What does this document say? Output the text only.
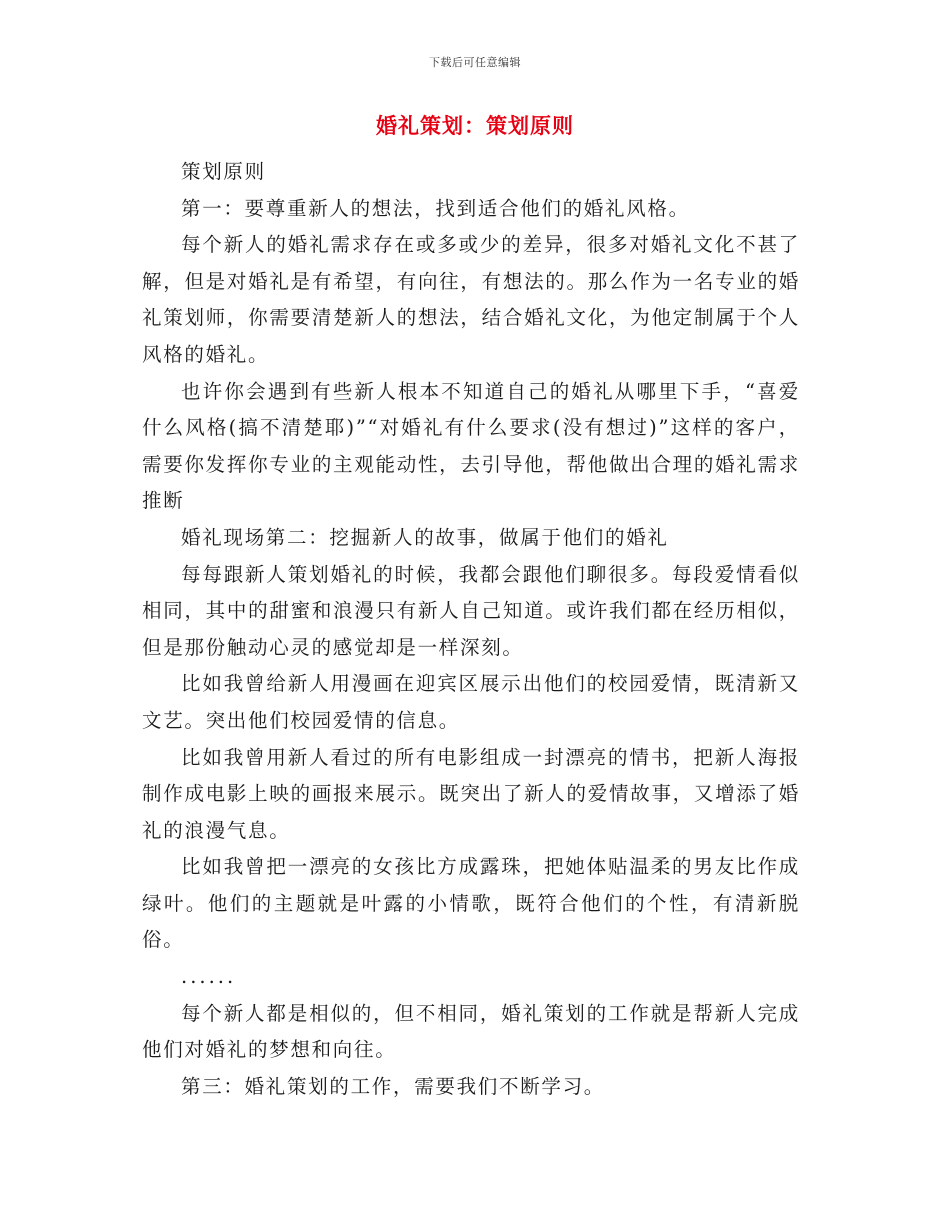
下载后可任意编辑
婚礼策划：策划原则

策划原则

第一：要尊重新人的想法，找到适合他们的婚礼风格。

每个新人的婚礼需求存在或多或少的差异，很多对婚礼文化不甚了解，但是对婚礼是有希望，有向往，有想法的。那么作为一名专业的婚礼策划师，你需要清楚新人的想法，结合婚礼文化，为他定制属于个人风格的婚礼。

也许你会遇到有些新人根本不知道自己的婚礼从哪里下手，“喜爱什么风格(搞不清楚耶)”“对婚礼有什么要求(没有想过)”这样的客户，需要你发挥你专业的主观能动性，去引导他，帮他做出合理的婚礼需求推断

婚礼现场第二：挖掘新人的故事，做属于他们的婚礼

每每跟新人策划婚礼的时候，我都会跟他们聊很多。每段爱情看似相同，其中的甜蜜和浪漫只有新人自己知道。或许我们都在经历相似，但是那份触动心灵的感觉却是一样深刻。

比如我曾给新人用漫画在迎宾区展示出他们的校园爱情，既清新又文艺。突出他们校园爱情的信息。

比如我曾用新人看过的所有电影组成一封漂亮的情书，把新人海报制作成电影上映的画报来展示。既突出了新人的爱情故事，又增添了婚礼的浪漫气息。

比如我曾把一漂亮的女孩比方成露珠，把她体贴温柔的男友比作成绿叶。他们的主题就是叶露的小情歌，既符合他们的个性，有清新脱俗。

......

每个新人都是相似的，但不相同，婚礼策划的工作就是帮新人完成他们对婚礼的梦想和向往。

第三：婚礼策划的工作，需要我们不断学习。
